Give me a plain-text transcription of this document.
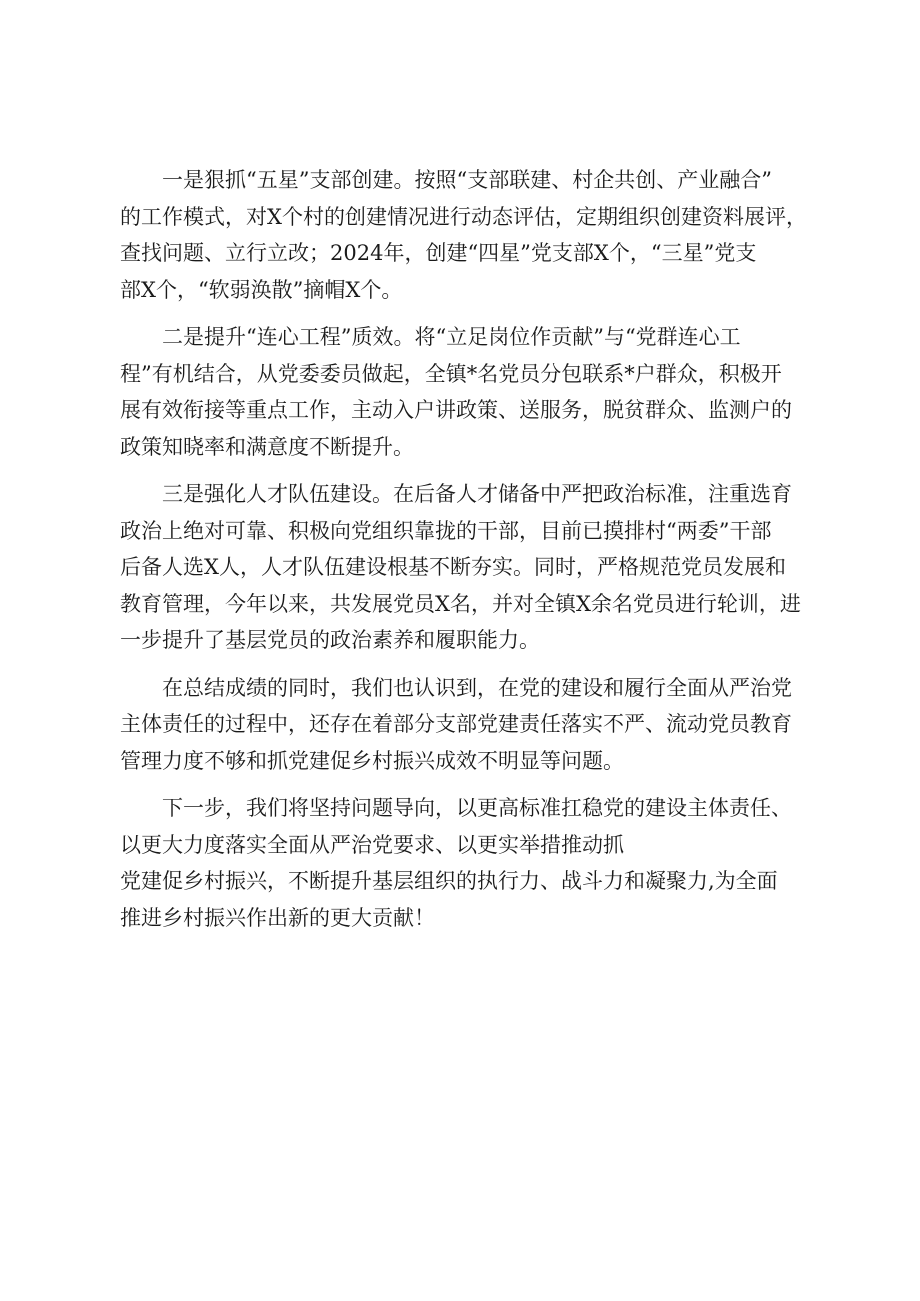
一是狠抓“五星”支部创建。按照“支部联建、村企共创、产业融合”
的工作模式，对X个村的创建情况进行动态评估，定期组织创建资料展评，
查找问题、立行立改；2024年，创建“四星”党支部X个，“三星”党支
部X个，“软弱涣散”摘帽X个。

二是提升“连心工程”质效。将“立足岗位作贡献”与“党群连心工
程”有机结合，从党委委员做起，全镇*名党员分包联系*户群众，积极开
展有效衔接等重点工作，主动入户讲政策、送服务，脱贫群众、监测户的
政策知晓率和满意度不断提升。

三是强化人才队伍建设。在后备人才储备中严把政治标准，注重选育
政治上绝对可靠、积极向党组织靠拢的干部，目前已摸排村“两委”干部
后备人选X人，人才队伍建设根基不断夯实。同时，严格规范党员发展和
教育管理，今年以来，共发展党员X名，并对全镇X余名党员进行轮训，进
一步提升了基层党员的政治素养和履职能力。

在总结成绩的同时，我们也认识到，在党的建设和履行全面从严治党
主体责任的过程中，还存在着部分支部党建责任落实不严、流动党员教育
管理力度不够和抓党建促乡村振兴成效不明显等问题。

下一步，我们将坚持问题导向，以更高标准扛稳党的建设主体责任、
以更大力度落实全面从严治党要求、以更实举措推动抓
党建促乡村振兴，不断提升基层组织的执行力、战斗力和凝聚力,为全面
推进乡村振兴作出新的更大贡献！
